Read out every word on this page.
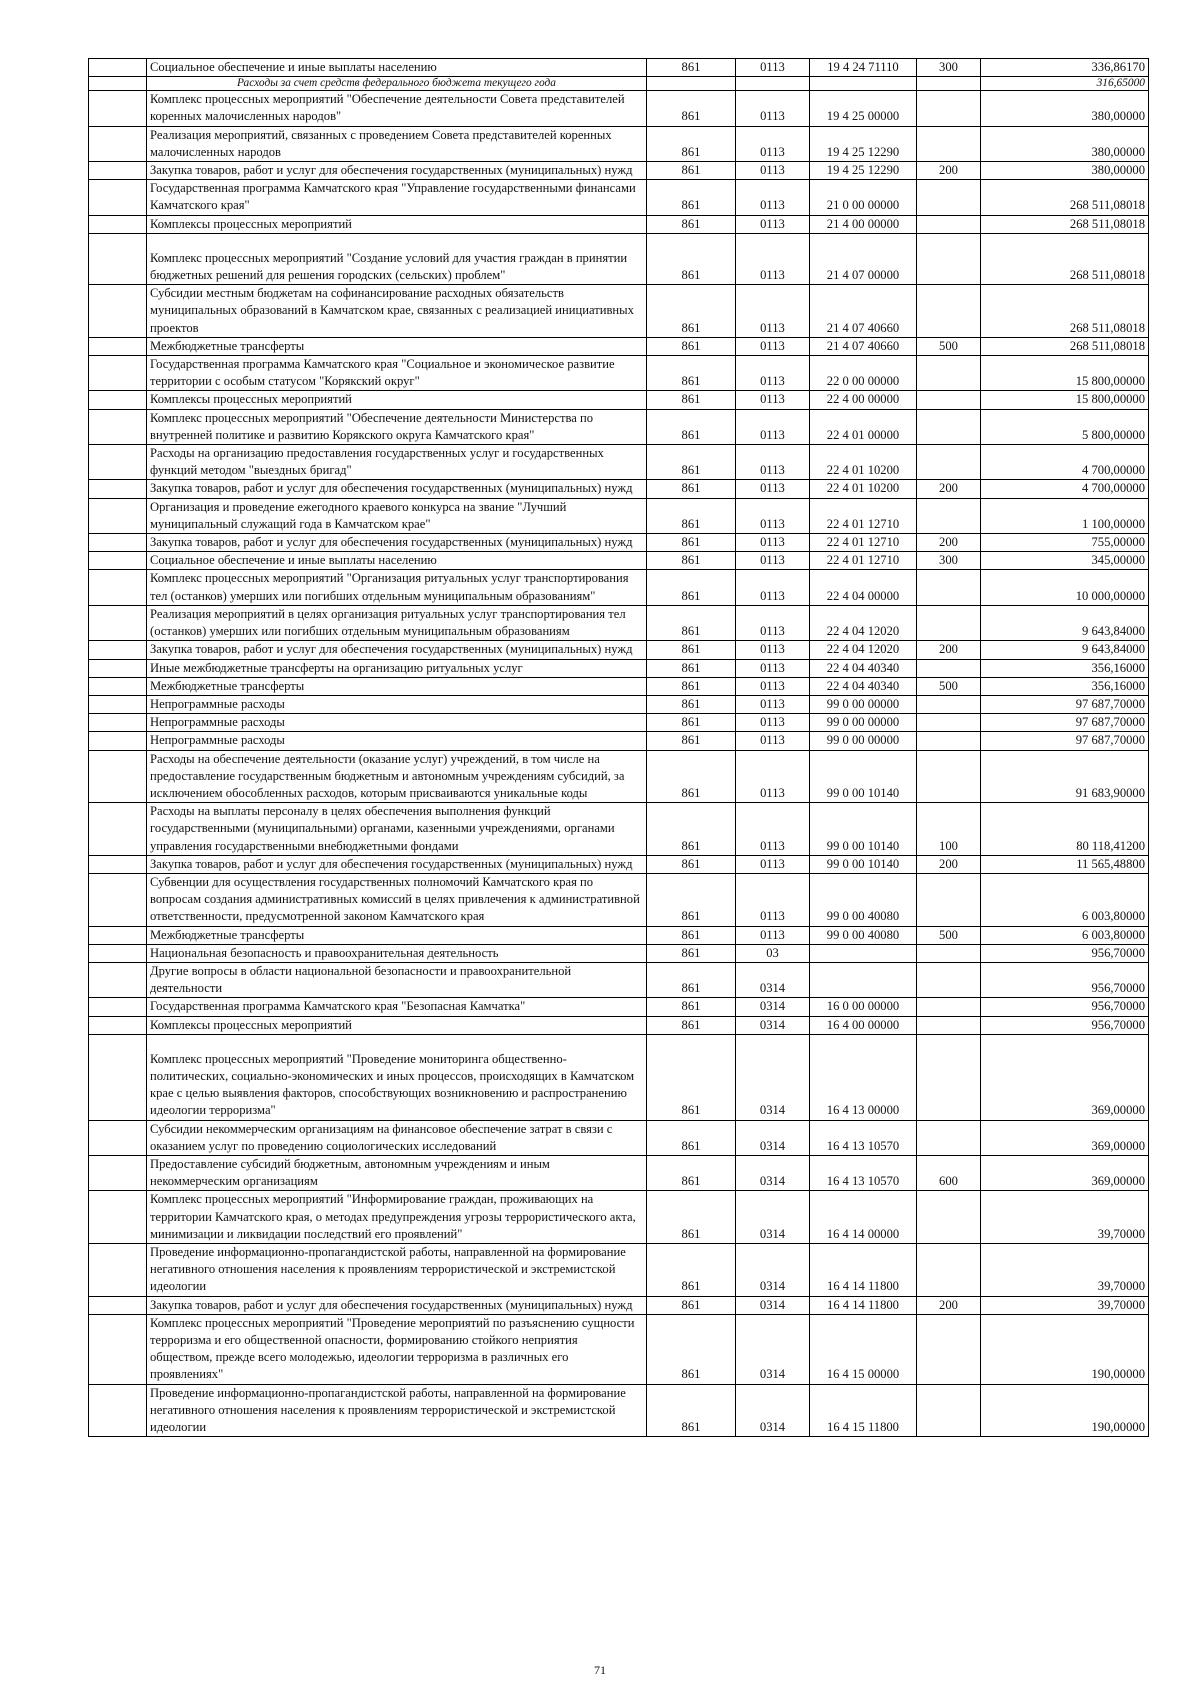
	Социальное обеспечение и иные выплаты населению	861	0113	19 4 24 71110	300	336,86170
	Расходы за счет средств федерального бюджета текущего года					316,65000
	Комплекс процессных мероприятий "Обеспечение деятельности Совета представителей коренных малочисленных народов"	861	0113	19 4 25 00000		380,00000
	Реализация мероприятий, связанных с проведением Совета представителей коренных малочисленных народов	861	0113	19 4 25 12290		380,00000
	Закупка товаров, работ и услуг для обеспечения государственных (муниципальных) нужд	861	0113	19 4 25 12290	200	380,00000
	Государственная программа Камчатского края "Управление государственными финансами Камчатского края"	861	0113	21 0 00 00000		268 511,08018
	Комплексы процессных мероприятий	861	0113	21 4 00 00000		268 511,08018
	Комплекс процессных мероприятий "Создание условий для участия граждан в принятии бюджетных решений для решения городских (сельских) проблем"	861	0113	21 4 07 00000		268 511,08018
	Субсидии местным бюджетам на софинансирование расходных обязательств муниципальных образований в Камчатском крае, связанных с реализацией инициативных проектов	861	0113	21 4 07 40660		268 511,08018
	Межбюджетные трансферты	861	0113	21 4 07 40660	500	268 511,08018
	Государственная программа Камчатского края "Социальное и экономическое развитие территории с особым статусом "Корякский округ"	861	0113	22 0 00 00000		15 800,00000
	Комплексы процессных мероприятий	861	0113	22 4 00 00000		15 800,00000
	Комплекс процессных мероприятий "Обеспечение деятельности Министерства по внутренней политике и развитию Корякского округа Камчатского края"	861	0113	22 4 01 00000		5 800,00000
	Расходы на организацию предоставления государственных услуг и государственных функций методом "выездных бригад"	861	0113	22 4 01 10200		4 700,00000
	Закупка товаров, работ и услуг для обеспечения государственных (муниципальных) нужд	861	0113	22 4 01 10200	200	4 700,00000
	Организация и проведение ежегодного краевого конкурса на звание "Лучший муниципальный служащий года в Камчатском крае"	861	0113	22 4 01 12710		1 100,00000
	Закупка товаров, работ и услуг для обеспечения государственных (муниципальных) нужд	861	0113	22 4 01 12710	200	755,00000
	Социальное обеспечение и иные выплаты населению	861	0113	22 4 01 12710	300	345,00000
	Комплекс процессных мероприятий "Организация ритуальных услуг транспортирования тел (останков) умерших или погибших отдельным муниципальным образованиям"	861	0113	22 4 04 00000		10 000,00000
	Реализация мероприятий в целях организация ритуальных услуг транспортирования тел (останков) умерших или погибших отдельным муниципальным образованиям	861	0113	22 4 04 12020		9 643,84000
	Закупка товаров, работ и услуг для обеспечения государственных (муниципальных) нужд	861	0113	22 4 04 12020	200	9 643,84000
	Иные межбюджетные трансферты на организацию ритуальных услуг	861	0113	22 4 04 40340		356,16000
	Межбюджетные трансферты	861	0113	22 4 04 40340	500	356,16000
	Непрограммные расходы	861	0113	99 0 00 00000		97 687,70000
	Непрограммные расходы	861	0113	99 0 00 00000		97 687,70000
	Непрограммные расходы	861	0113	99 0 00 00000		97 687,70000
	Расходы на обеспечение деятельности (оказание услуг) учреждений, в том числе на предоставление государственным бюджетным и автономным учреждениям субсидий, за исключением обособленных расходов, которым присваиваются уникальные коды	861	0113	99 0 00 10140		91 683,90000
	Расходы на выплаты персоналу в целях обеспечения выполнения функций государственными (муниципальными) органами, казенными учреждениями, органами управления государственными внебюджетными фондами	861	0113	99 0 00 10140	100	80 118,41200
	Закупка товаров, работ и услуг для обеспечения государственных (муниципальных) нужд	861	0113	99 0 00 10140	200	11 565,48800
	Субвенции для осуществления государственных полномочий Камчатского края по вопросам создания административных комиссий в целях привлечения к административной ответственности, предусмотренной законом Камчатского края	861	0113	99 0 00 40080		6 003,80000
	Межбюджетные трансферты	861	0113	99 0 00 40080	500	6 003,80000
	Национальная безопасность и правоохранительная деятельность	861	03			956,70000
	Другие вопросы в области национальной безопасности и правоохранительной деятельности	861	0314			956,70000
	Государственная программа Камчатского края "Безопасная Камчатка"	861	0314	16 0 00 00000		956,70000
	Комплексы процессных мероприятий	861	0314	16 4 00 00000		956,70000
	Комплекс процессных мероприятий "Проведение мониторинга общественно-политических, социально-экономических и иных процессов, происходящих в Камчатском крае с целью выявления факторов, способствующих возникновению и распространению идеологии терроризма"	861	0314	16 4 13 00000		369,00000
	Субсидии некоммерческим организациям на финансовое обеспечение затрат в связи с оказанием услуг по проведению социологических исследований	861	0314	16 4 13 10570		369,00000
	Предоставление субсидий бюджетным, автономным учреждениям и иным некоммерческим организациям	861	0314	16 4 13 10570	600	369,00000
	Комплекс процессных мероприятий "Информирование граждан, проживающих на территории Камчатского края, о методах предупреждения угрозы террористического акта, минимизации и ликвидации последствий его проявлений"	861	0314	16 4 14 00000		39,70000
	Проведение информационно-пропагандистской работы, направленной на формирование негативного отношения населения к проявлениям террористической и экстремистской идеологии	861	0314	16 4 14 11800		39,70000
	Закупка товаров, работ и услуг для обеспечения государственных (муниципальных) нужд	861	0314	16 4 14 11800	200	39,70000
	Комплекс процессных мероприятий "Проведение мероприятий по разъяснению сущности терроризма и его общественной опасности, формированию стойкого неприятия обществом, прежде всего молодежью, идеологии терроризма в различных его проявлениях"	861	0314	16 4 15 00000		190,00000
	Проведение информационно-пропагандистской работы, направленной на формирование негативного отношения населения к проявлениям террористической и экстремистской идеологии	861	0314	16 4 15 11800		190,00000
71
